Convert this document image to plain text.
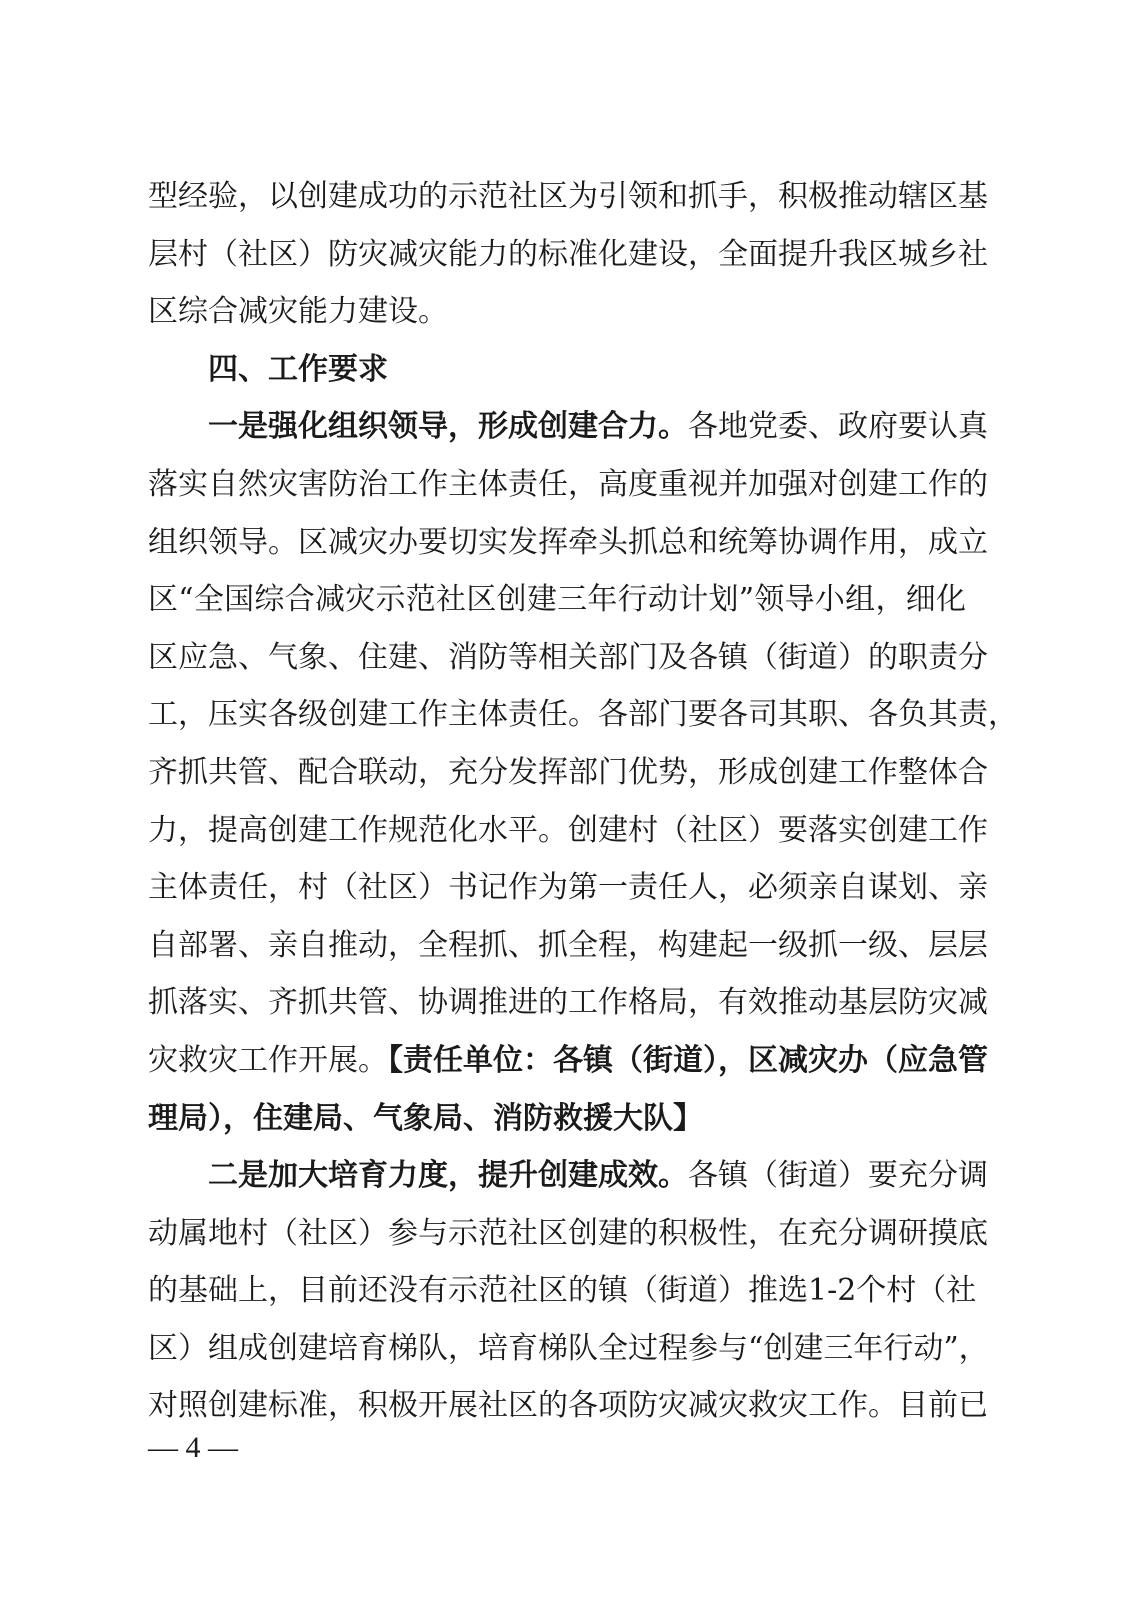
型经验，以创建成功的示范社区为引领和抓手，积极推动辖区基
层村（社区）防灾减灾能力的标准化建设，全面提升我区城乡社
区综合减灾能力建设。
四、工作要求
一是强化组织领导，形成创建合力。各地党委、政府要认真
落实自然灾害防治工作主体责任，高度重视并加强对创建工作的
组织领导。区减灾办要切实发挥牵头抓总和统筹协调作用，成立
区“全国综合减灾示范社区创建三年行动计划”领导小组，细化
区应急、气象、住建、消防等相关部门及各镇（街道）的职责分
工，压实各级创建工作主体责任。各部门要各司其职、各负其责，
齐抓共管、配合联动，充分发挥部门优势，形成创建工作整体合
力，提高创建工作规范化水平。创建村（社区）要落实创建工作
主体责任，村（社区）书记作为第一责任人，必须亲自谋划、亲
自部署、亲自推动，全程抓、抓全程，构建起一级抓一级、层层
抓落实、齐抓共管、协调推进的工作格局，有效推动基层防灾减
灾救灾工作开展。【责任单位：各镇（街道），区减灾办（应急管
理局），住建局、气象局、消防救援大队】
二是加大培育力度，提升创建成效。各镇（街道）要充分调
动属地村（社区）参与示范社区创建的积极性，在充分调研摸底
的基础上，目前还没有示范社区的镇（街道）推选1-2个村（社
区）组成创建培育梯队，培育梯队全过程参与“创建三年行动”，
对照创建标准，积极开展社区的各项防灾减灾救灾工作。目前已
— 4 —
